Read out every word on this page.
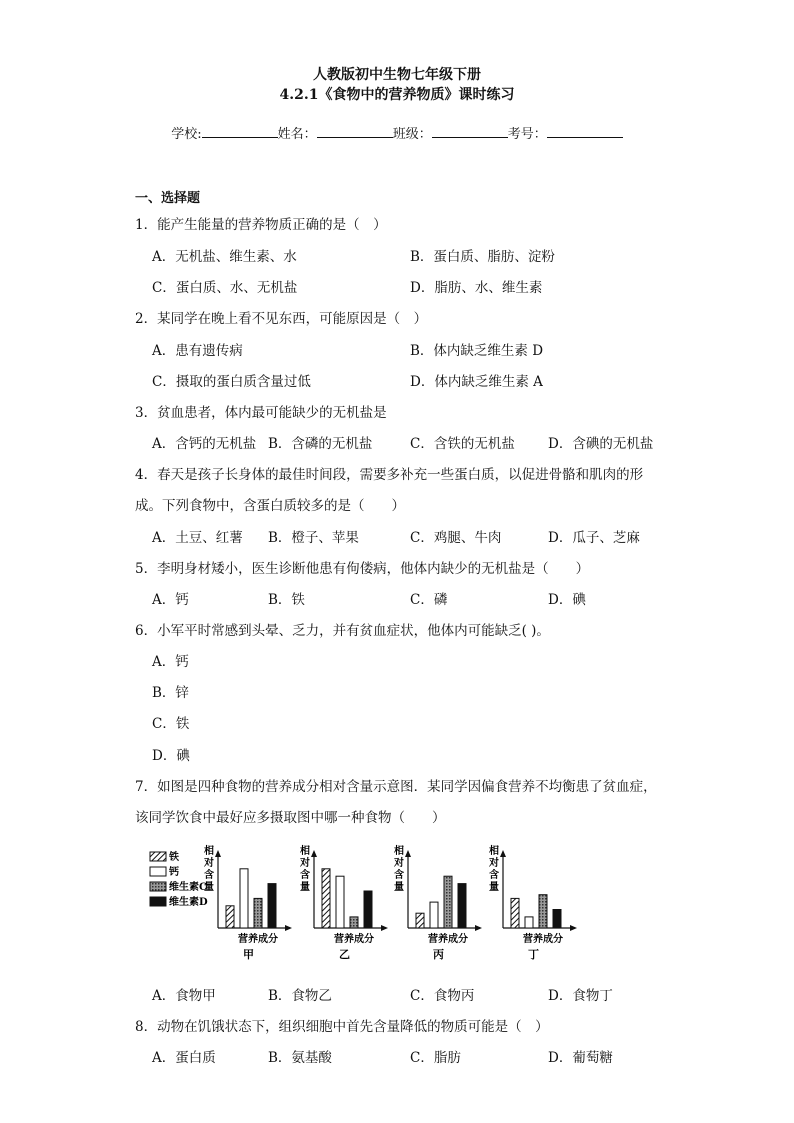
人教版初中生物七年级下册
4.2.1《食物中的营养物质》课时练习
学校:	姓名：	班级：	考号：
一、选择题
1．能产生能量的营养物质正确的是（　）
A．无机盐、维生素、水	B．蛋白质、脂肪、淀粉
C．蛋白质、水、无机盐	D．脂肪、水、维生素
2．某同学在晚上看不见东西，可能原因是（　）
A．患有遗传病	B．体内缺乏维生素 D
C．摄取的蛋白质含量过低	D．体内缺乏维生素 A
3．贫血患者，体内最可能缺少的无机盐是
A．含钙的无机盐 B．含磷的无机盐	C．含铁的无机盐 D．含碘的无机盐
4．春天是孩子长身体的最佳时间段，需要多补充一些蛋白质，以促进骨骼和肌肉的形
成。下列食物中，含蛋白质较多的是（　　）
A．土豆、红薯 B．橙子、苹果	C．鸡腿、牛肉	D．瓜子、芝麻
5．李明身材矮小，医生诊断他患有佝偻病，他体内缺少的无机盐是（　　）
A．钙	B．铁	C．磷	D．碘
6．小军平时常感到头晕、乏力，并有贫血症状，他体内可能缺乏( )。
A．钙
B．锌
C．铁
D．碘
7．如图是四种食物的营养成分相对含量示意图．某同学因偏食营养不均衡患了贫血症，
该同学饮食中最好应多摄取图中哪一种食物（　　）
铁
钙
维生素C
维生素D
相
对
含
量
营养成分
甲
相
对
含
量
营养成分
乙
相
对
含
量
营养成分
丙
相
对
含
量
营养成分
丁
A．食物甲	B．食物乙	C．食物丙	D．食物丁
8．动物在饥饿状态下，组织细胞中首先含量降低的物质可能是（　）
A．蛋白质	B．氨基酸	C．脂肪	D．葡萄糖
